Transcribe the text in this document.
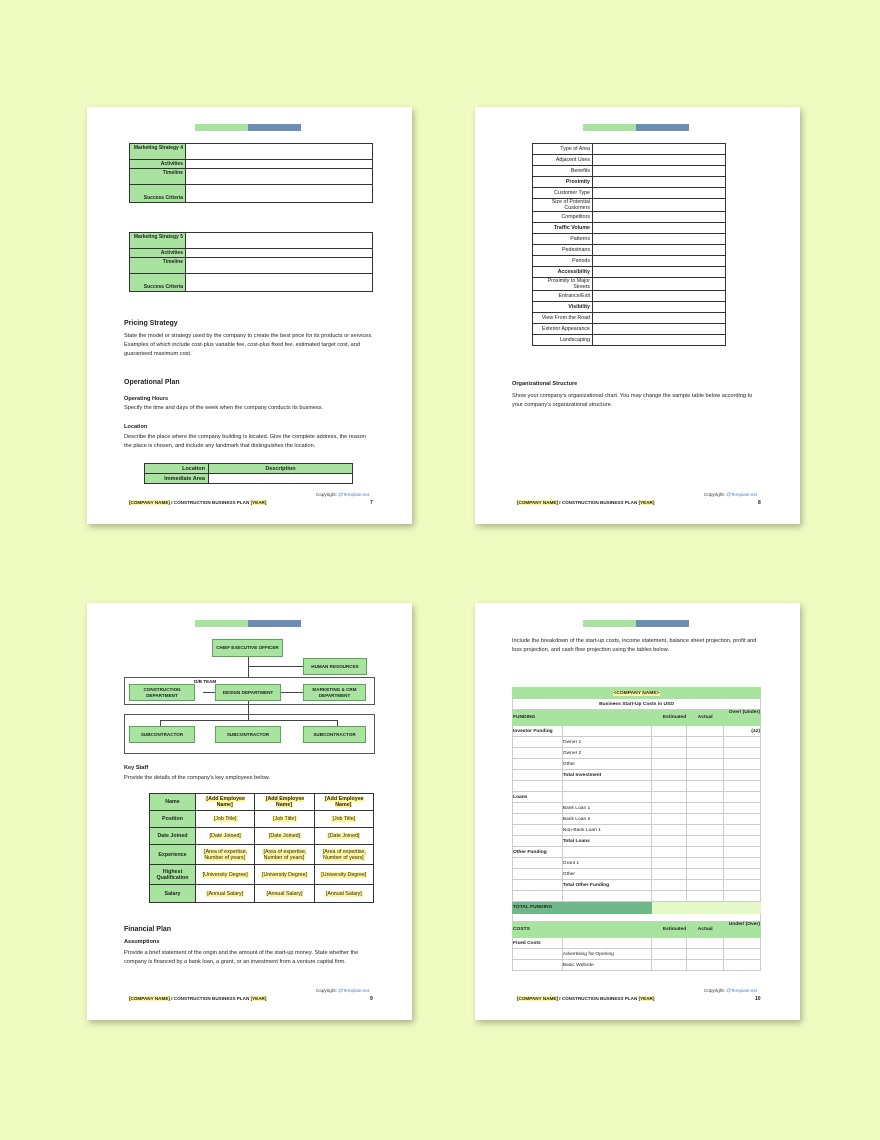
Marketing Strategy 4	
Activities	
Timeline	
Success Criteria	
Marketing Strategy 5	
Activities	
Timeline	
Success Criteria	
Pricing Strategy
State the model or strategy used by the company to create the best price for its products or services. Examples of which include cost-plus variable fee, cost-plus fixed fee, estimated target cost, and guaranteed maximum cost.
Operational Plan
Operating Hours
Specify the time and days of the week when the company conducts its business.
Location
Describe the place where the company building is located. Give the complete address, the reason the place is chosen, and include any landmark that distinguishes the location.
Location	Description
Immediate Area	
Copyright: @Template.net
[COMPANY NAME] I CONSTRUCTION BUSINESS PLAN [YEAR]	7
Type of Area	
Adjacent Uses	
Benefits	
Proximity	
Customer Type	
Size of Potential Customers	
Competitors	
Traffic Volume	
Patterns	
Pedestrians	
Periods	
Accessibility	
Proximity to Major Streets	
Entrance/Exit	
Visibility	
View From the Road	
Exterior Appearance	
Landscaping	
Organizational Structure
Show your company's organizational chart. You may change the sample table below according to your company's organizational structure.
Copyright: @Template.net
[COMPANY NAME] I CONSTRUCTION BUSINESS PLAN [YEAR]	8
CHIEF EXECUTIVE OFFICER
HUMAN RESOURCES
D/B TEAM
CONSTRUCTION DEPARTMENT
DESIGN DEPARTMENT
MARKETING & CRM DEPARTMENT
SUBCONTRACTOR	SUBCONTRACTOR	SUBCONTRACTOR
Key Staff
Provide the details of the company's key employees below.
Name	[Add Employee Name]	[Add Employee Name]	[Add Employee Name]
Position	[Job Title]	[Job Title]	[Job Title]
Date Joined	[Date Joined]	[Date Joined]	[Date Joined]
Experience	[Area of expertise, Number of years]	[Area of expertise, Number of years]	[Area of expertise, Number of years]
Highest Qualification	[University Degree]	[University Degree]	[University Degree]
Salary	[Annual Salary]	[Annual Salary]	[Annual Salary]
Financial Plan
Assumptions
Provide a brief statement of the origin and the amount of the start-up money. State whether the company is financed by a bank loan, a grant, or an investment from a venture capital firm.
Copyright: @Template.net
[COMPANY NAME] I CONSTRUCTION BUSINESS PLAN [YEAR]	9
Include the breakdown of the start-up costs, income statement, balance sheet projection, profit and loss projection, and cash flow projection using the tables below.
<COMPANY NAME>				
Business Start-Up Costs in USD				
FUNDING		Estimated	Actual	Over/ (Under)
Investor Funding				(42)
	Owner 1			
	Owner 2			
	Other			
	Total Investment			

Loans				
	Bank Loan 1			
	Bank Loan 2			
	Non-Bank Loan 1			
	Total Loans			
Other Funding				
	Grant 1			
	Other			
	Total Other Funding			

TOTAL FUNDING				

COSTS		Estimated	Actual	Under/ (Over)
Fixed Costs				
	Advertising for Opening			
	Basic Website			
Copyright: @Template.net
[COMPANY NAME] I CONSTRUCTION BUSINESS PLAN [YEAR]	10
